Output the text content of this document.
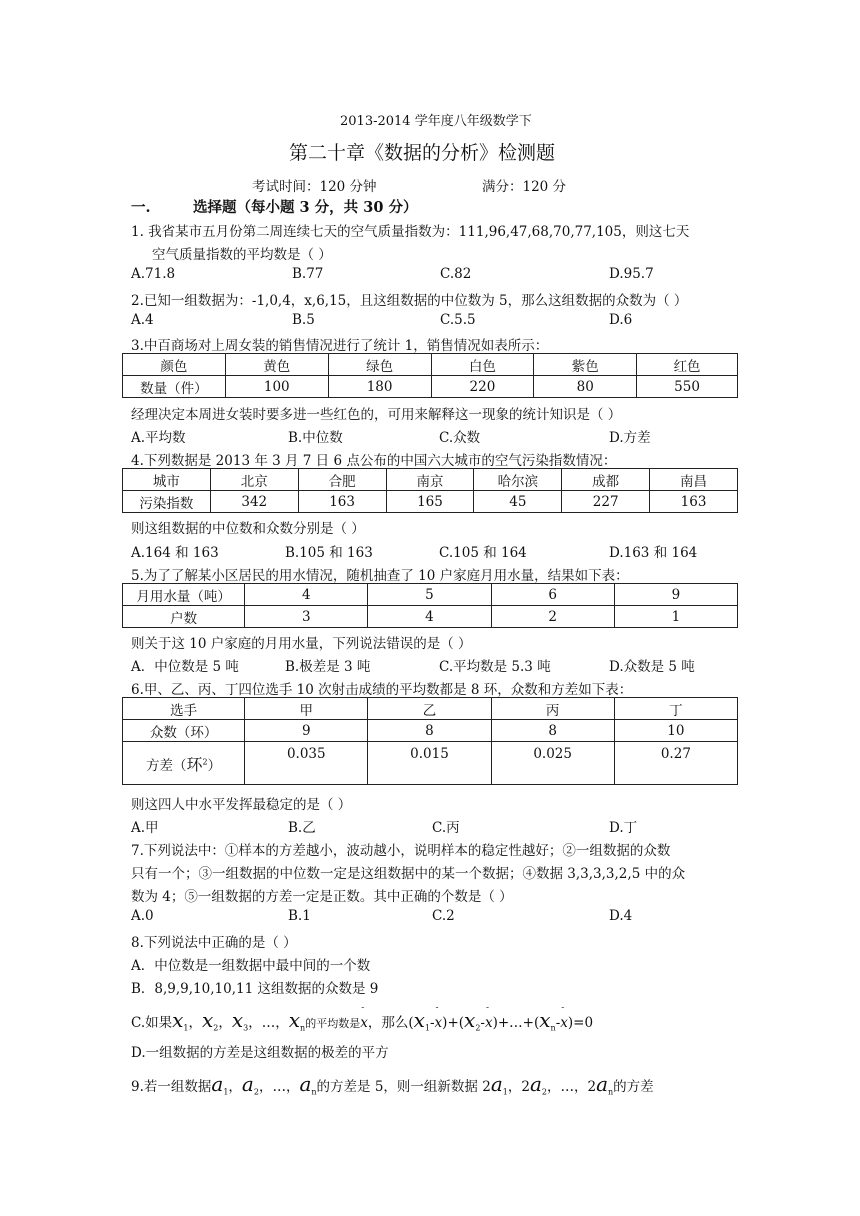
2013-2014 学年度八年级数学下
第二十章《数据的分析》检测题
考试时间：120 分钟	满分：120 分
一.	选择题（每小题 3 分，共 30 分）
1. 我省某市五月份第二周连续七天的空气质量指数为：111,96,47,68,70,77,105，则这七天
空气质量指数的平均数是（ ）
A.71.8	B.77	C.82	D.95.7
2.已知一组数据为：-1,0,4，x,6,15，且这组数据的中位数为 5，那么这组数据的众数为（ ）
A.4	B.5	C.5.5	D.6
3.中百商场对上周女装的销售情况进行了统计 1，销售情况如表所示：
颜色	黄色	绿色	白色	紫色	红色
数量（件）	100	180	220	80	550
经理决定本周进女装时要多进一些红色的，可用来解释这一现象的统计知识是（ ）
A.平均数	B.中位数	C.众数	D.方差
4.下列数据是 2013 年 3 月 7 日 6 点公布的中国六大城市的空气污染指数情况：
城市	北京	合肥	南京	哈尔滨	成都	南昌
污染指数	342	163	165	45	227	163
则这组数据的中位数和众数分别是（ ）
A.164 和 163	B.105 和 163	C.105 和 164	D.163 和 164
5.为了了解某小区居民的用水情况，随机抽查了 10 户家庭月用水量，结果如下表：
月用水量（吨）	4	5	6	9
户数	3	4	2	1
则关于这 10 户家庭的月用水量，下列说法错误的是（ ）
A．中位数是 5 吨	B.极差是 3 吨	C.平均数是 5.3 吨	D.众数是 5 吨
6.甲、乙、丙、丁四位选手 10 次射击成绩的平均数都是 8 环，众数和方差如下表：
选手	甲	乙	丙	丁
众数（环）	9	8	8	10
方差（环$^2$）	0.035	0.015	0.025	0.27
则这四人中水平发挥最稳定的是（ ）
A.甲	B.乙	C.丙	D.丁
7.下列说法中：①样本的方差越小，波动越小，说明样本的稳定性越好；②一组数据的众数
只有一个；③一组数据的中位数一定是这组数据中的某一个数据；④数据 3,3,3,3,2,5 中的众
数为 4；⑤一组数据的方差一定是正数。其中正确的个数是（ ）
A.0	B.1	C.2	D.4
8.下列说法中正确的是（ ）
A．中位数是一组数据中最中间的一个数
B．8,9,9,10,10,11 这组数据的众数是 9
C.如果$x_1$，$x_2$，$x_3$，…，$x_n$的平均数是- x，那么($x_1--$ $x)+(x_2--$ $x)+\dots+(x_n--$ x)=0
D.一组数据的方差是这组数据的极差的平方
9.若一组数据$a_1$，$a_2$，…，$a_n$的方差是 5，则一组新数据 $2a_1$，$2a_2$，…，$2a_n$的方差
